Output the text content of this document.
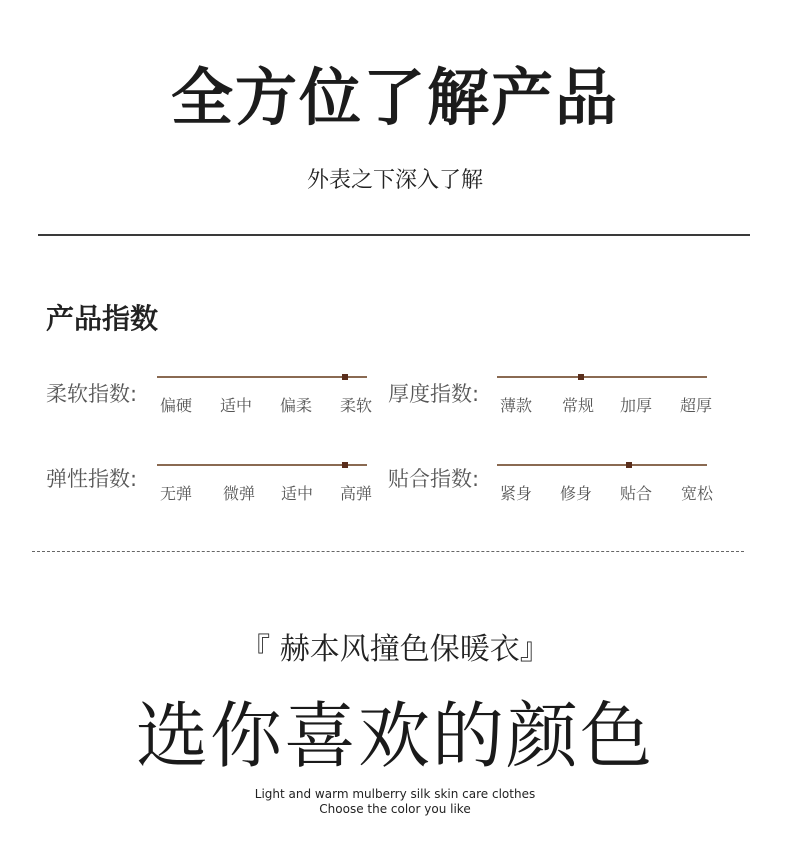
全方位了解产品
外表之下深入了解
产品指数
柔软指数: 偏硬 适中 偏柔 柔软 厚度指数: 薄款 常规 加厚 超厚
弹性指数:
无弹 微弹 适中 高弹
贴合指数:
紧身 修身 贴合 宽松
『 赫本风撞色保暖衣』
选你喜欢的颜色
Light and warm mulberry silk skin care clothes
Choose the color you like
